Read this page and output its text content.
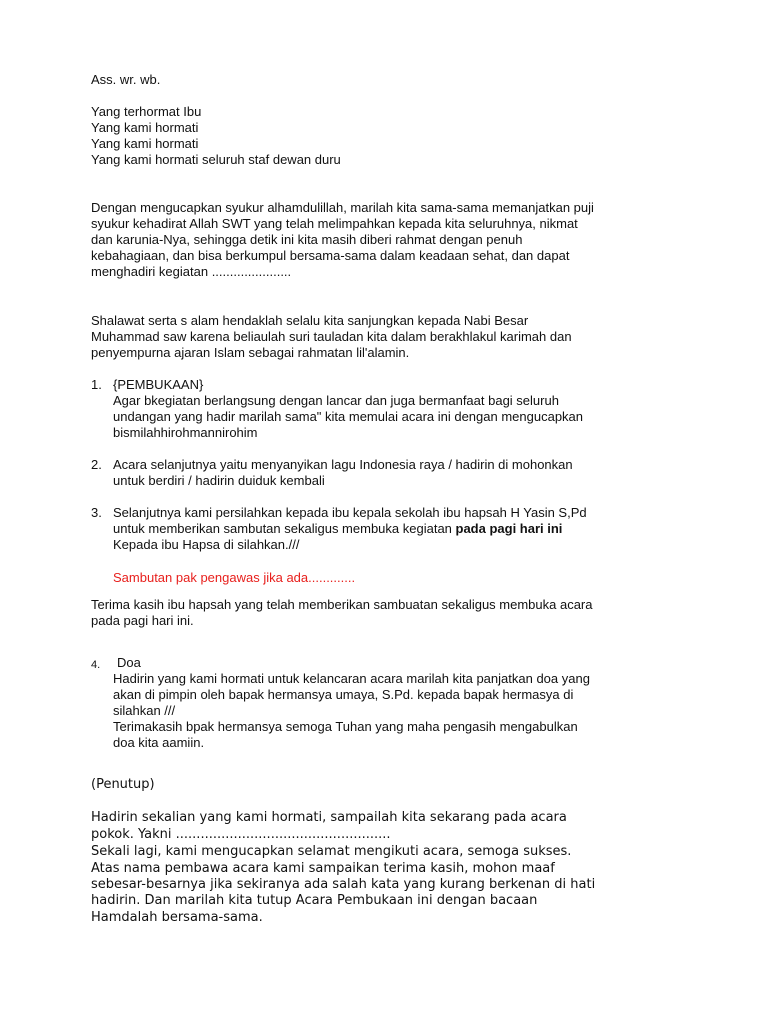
Ass. wr. wb.
Yang terhormat Ibu
Yang kami hormati
Yang kami hormati
Yang kami hormati seluruh staf dewan duru
Dengan mengucapkan syukur alhamdulillah, marilah kita sama-sama memanjatkan puji
syukur kehadirat Allah SWT yang telah melimpahkan kepada kita seluruhnya, nikmat
dan karunia-Nya, sehingga detik ini kita masih diberi rahmat dengan penuh
kebahagiaan, dan bisa berkumpul bersama-sama dalam keadaan sehat, dan dapat
menghadiri kegiatan ......................
Shalawat serta s alam hendaklah selalu kita sanjungkan kepada Nabi Besar
Muhammad saw karena beliaulah suri tauladan kita dalam berakhlakul karimah dan
penyempurna ajaran Islam sebagai rahmatan lil'alamin.
1. {PEMBUKAAN}
Agar bkegiatan berlangsung dengan lancar dan juga bermanfaat bagi seluruh
undangan yang hadir marilah sama" kita memulai acara ini dengan mengucapkan
bismilahhirohmannirohim
2. Acara selanjutnya yaitu menyanyikan lagu Indonesia raya / hadirin di mohonkan
untuk berdiri / hadirin duiduk kembali
3. Selanjutnya kami persilahkan kepada ibu kepala sekolah ibu hapsah H Yasin S,Pd
untuk memberikan sambutan sekaligus membuka kegiatan pada pagi hari ini
Kepada ibu Hapsa di silahkan.///
Sambutan pak pengawas jika ada.............
Terima kasih ibu hapsah yang telah memberikan sambuatan sekaligus membuka acara
pada pagi hari ini.
4. Doa
Hadirin yang kami hormati untuk kelancaran acara marilah kita panjatkan doa yang
akan di pimpin oleh bapak hermansya umaya, S.Pd. kepada bapak hermasya di
silahkan ///
Terimakasih bpak hermansya semoga Tuhan yang maha pengasih mengabulkan
doa kita aamiin.
(Penutup)
Hadirin sekalian yang kami hormati, sampailah kita sekarang pada acara
pokok. Yakni ....................................................
Sekali lagi, kami mengucapkan selamat mengikuti acara, semoga sukses.
Atas nama pembawa acara kami sampaikan terima kasih, mohon maaf
sebesar-besarnya jika sekiranya ada salah kata yang kurang berkenan di hati
hadirin. Dan marilah kita tutup Acara Pembukaan ini dengan bacaan
Hamdalah bersama-sama.
